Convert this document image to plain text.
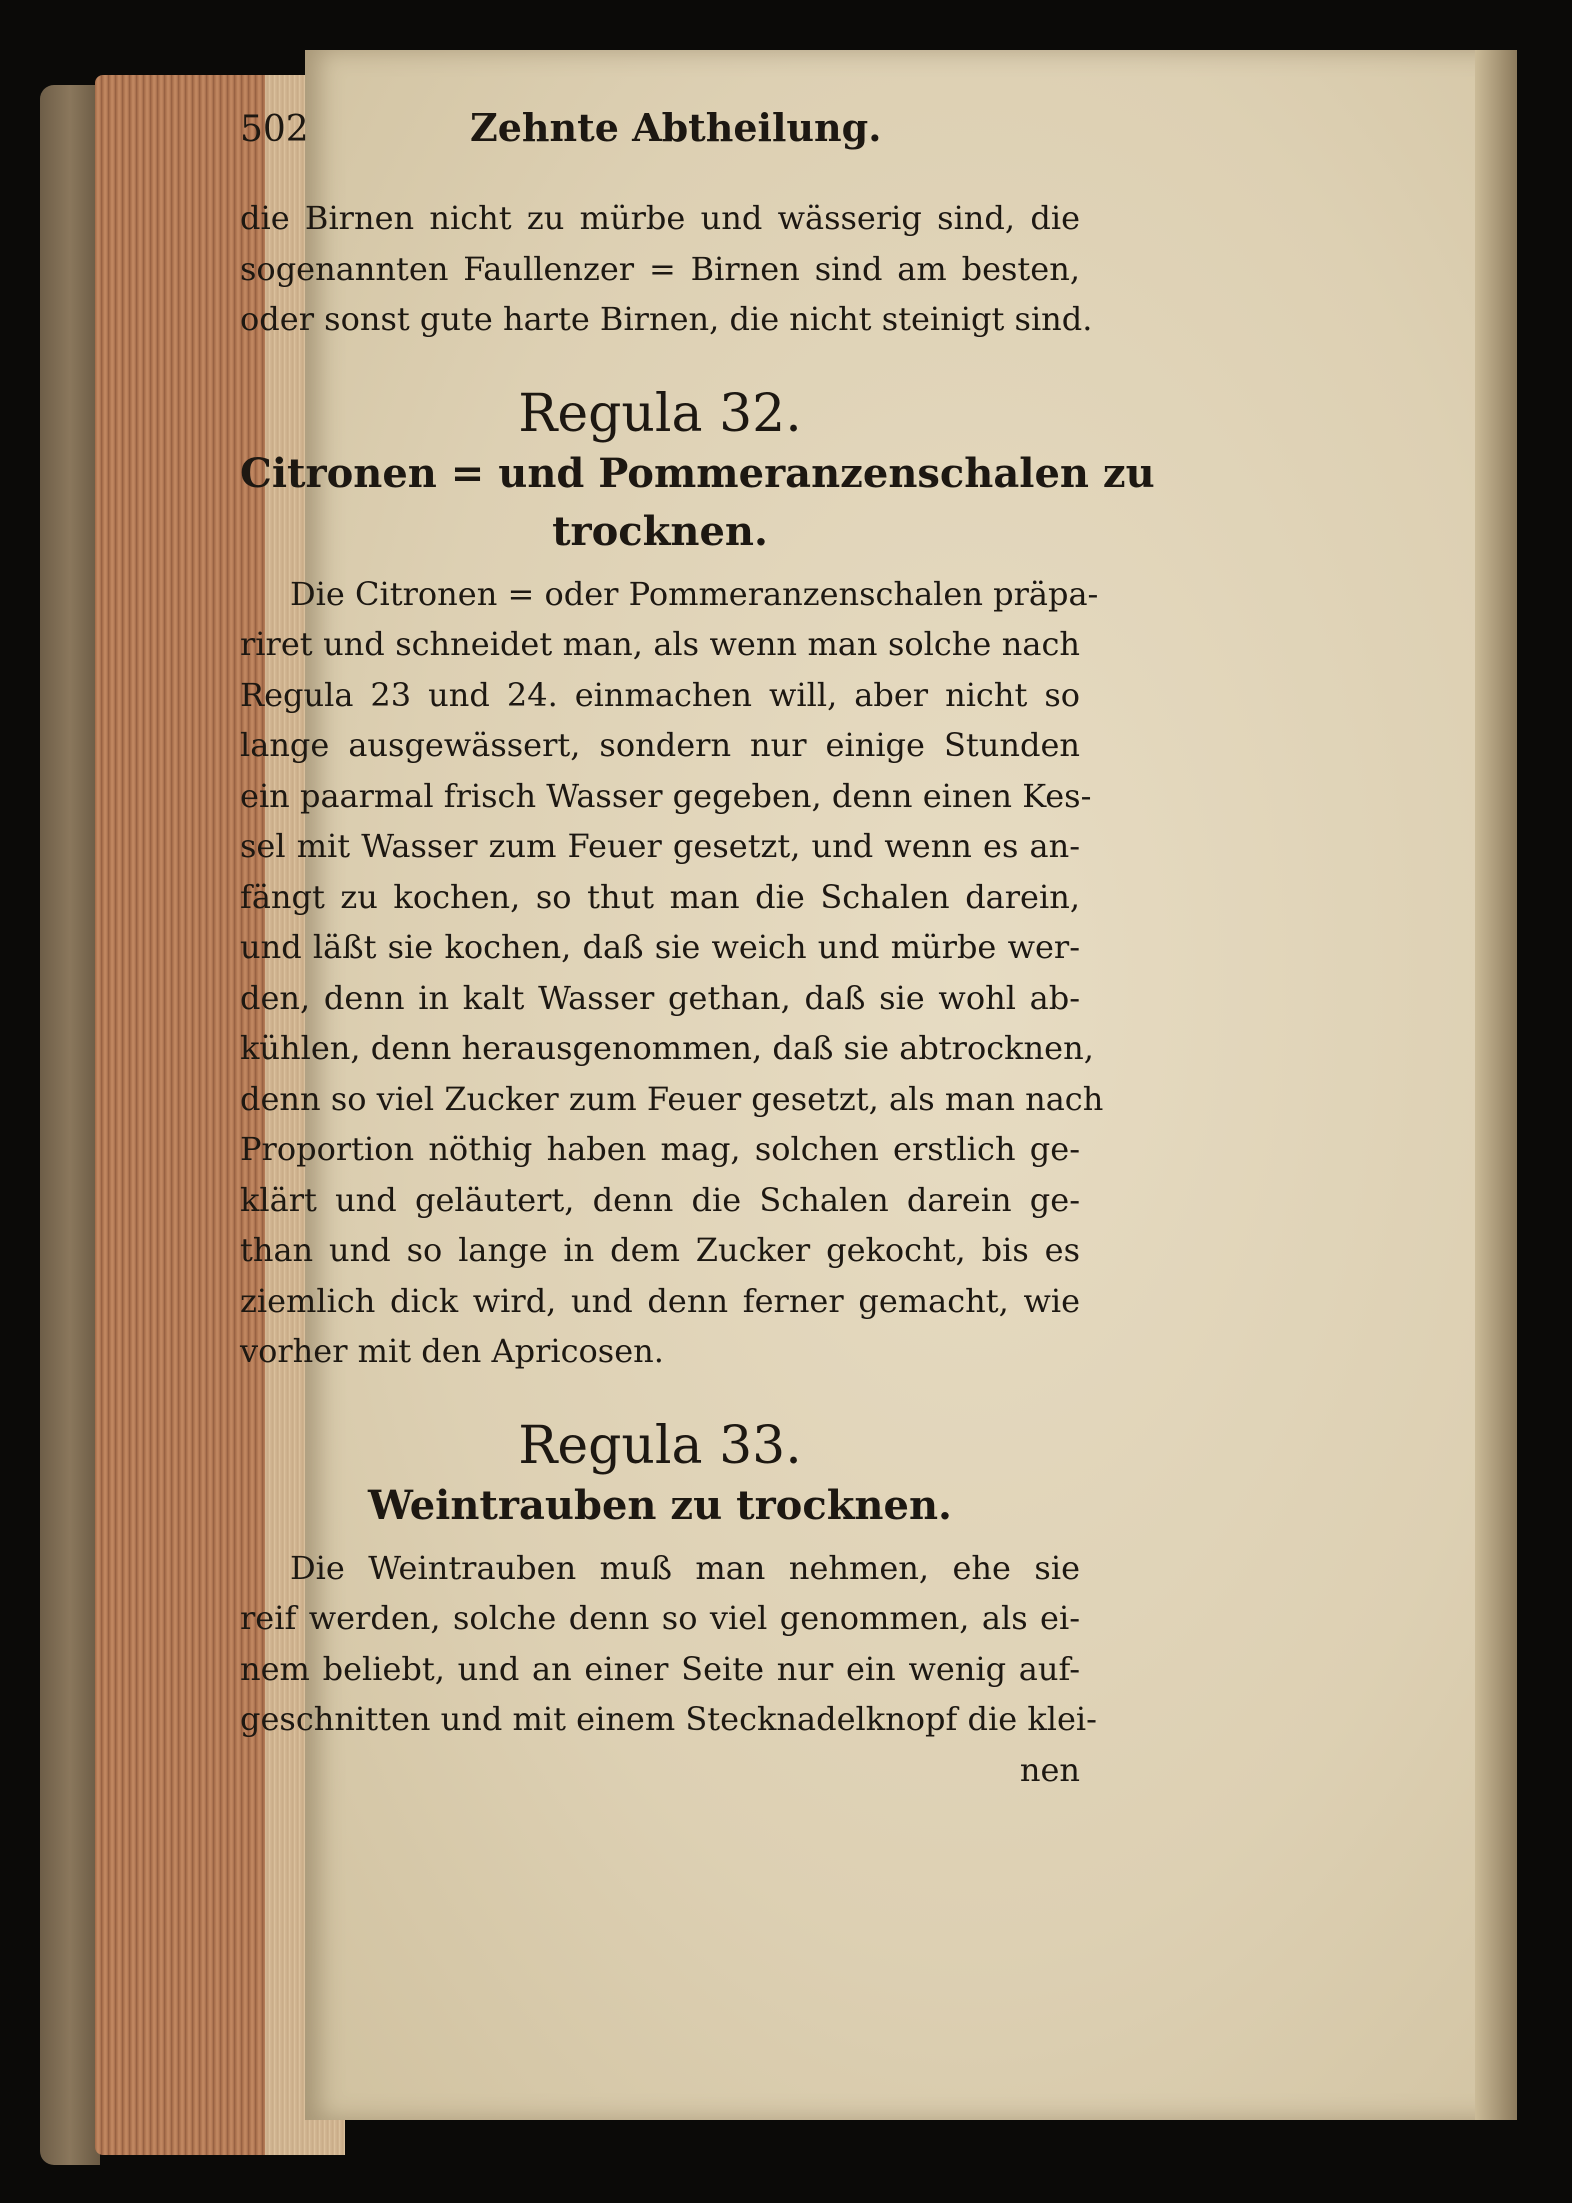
502	Zehnte Abtheilung.
die Birnen nicht zu mürbe und wässerig sind, die
sogenannten Faullenzer = Birnen sind am besten,
oder sonst gute harte Birnen, die nicht steinigt sind.
Regula 32.
Citronen = und Pommeranzenschalen zu
trocknen.
Die Citronen = oder Pommeranzenschalen präpa-
riret und schneidet man, als wenn man solche nach
Regula 23 und 24. einmachen will, aber nicht so
lange ausgewässert, sondern nur einige Stunden
ein paarmal frisch Wasser gegeben, denn einen Kes-
sel mit Wasser zum Feuer gesetzt, und wenn es an-
fängt zu kochen, so thut man die Schalen darein,
und läßt sie kochen, daß sie weich und mürbe wer-
den, denn in kalt Wasser gethan, daß sie wohl ab-
kühlen, denn herausgenommen, daß sie abtrocknen,
denn so viel Zucker zum Feuer gesetzt, als man nach
Proportion nöthig haben mag, solchen erstlich ge-
klärt und geläutert, denn die Schalen darein ge-
than und so lange in dem Zucker gekocht, bis es
ziemlich dick wird, und denn ferner gemacht, wie
vorher mit den Apricosen.
Regula 33.
Weintrauben zu trocknen.
Die Weintrauben muß man nehmen, ehe sie
reif werden, solche denn so viel genommen, als ei-
nem beliebt, und an einer Seite nur ein wenig auf-
geschnitten und mit einem Stecknadelknopf die klei-
nen
